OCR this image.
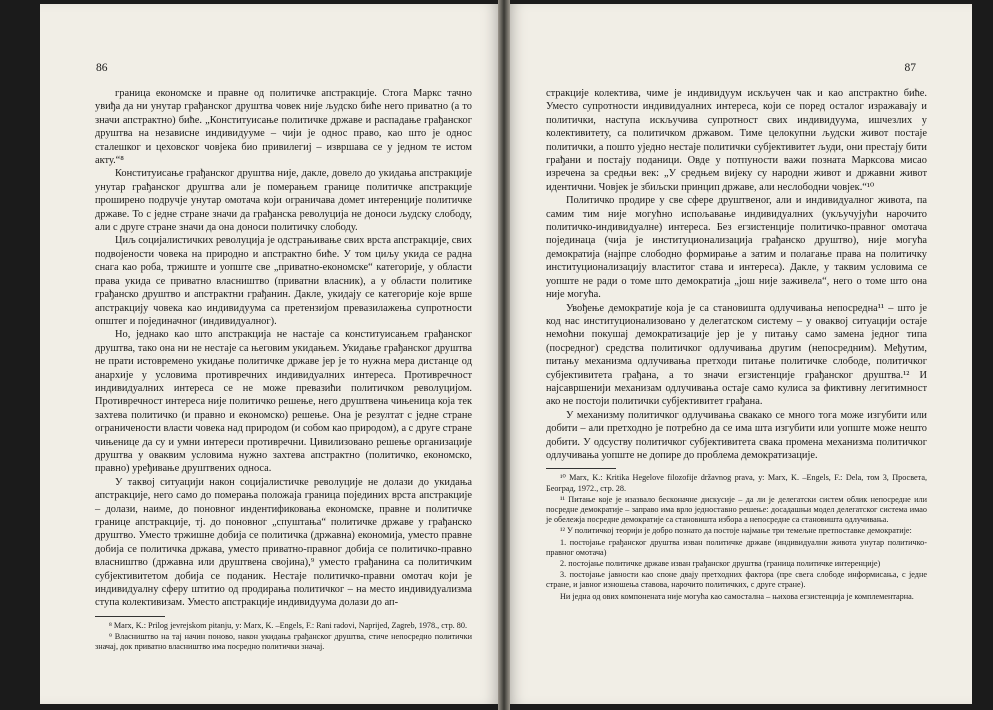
86

граница економске и правне од политичке апстракције. Стога Маркс тачно увиђа да ни унутар грађанског друштва човек није људско биће него привaтно (а то значи апстрактно) биће. „Конституисање политичке државе и распадање грађанског друштва на независне индивидууме – чији је однос право, као што је однос сталешког и цеховског човјека био привилегиј – извршава се у једном те истом акту.“⁸

Конституисање грађанског друштва није, дакле, довело до укидања апстракције унутар грађанског друштва али је померањем границе политичке апстракције проширено подручје унутар омотача који ограничава домет интеренције политичке државе. То с једне стране значи да грађанска револуција не доноси људску слободу, али с друге стране значи да она доноси политичку слободу.

Циљ социјалистичких револуција је одстрањивање свих врста апстракције, свих подвојености човека на природно и апстрактно биће. У том циљу укида се радна снага као роба, тржиште и уопште све „приватно-економске“ категорије, у области права укида се приватно власништво (приватни власник), а у области политике грађанско друштво и апстрактни грађанин. Дакле, укидају се категорије које врше апстракцију човека као индивидуума са претензијом превазилажења супротности општег и појединачног (индивидуалног).

Но, једнако као што апстракција не настаје са конституисањем грађанског друштва, тако она ни не нестаје са његовим укидањем. Укидање грађанског друштва не прати истовремено укидање политичке државе јер је то нужна мера дистанце од анархије у условима противречних индивидуалних интереса. Противречност индивидуалних интереса се не може превазићи политичком револуцијом. Противречност интереса није политичко решење, него друштвена чињеница која тек захтева политичко (и правно и економско) решење. Она је резултат с једне стране ограничености власти човека над природом (и собом као природом), а с друге стране чињенице да су и умни интереси противречни. Цивилизовано решење организације друштва у оваквим условима нужно захтева апстрактно (политичко, економско, правно) уређивање друштвених односа.

У таквој ситуацији након социјалистичке револуције не долази до укидања апстракције, него само до померања положаја граница појединих врста апстракције – долази, наиме, до поновног индентификовања економске, правне и политичке границе апстракције, тј. до поновног „спуштања“ политичке државе у грађанско друштво. Уместо тржишне добија се политичка (државна) економија, уместо правне добија се политичка држава, уместо приватно-правног добија се политичко-правно власништво (државна или друштвена својина),⁹ уместо грађанина са политичким субјективитетом добија се поданик. Нестаје политичко-правни омотач који је индивидуалну сферу штитио од продирања политичког – на место индивидуализма ступа колективизам. Уместо апстракције индивидуума долази до ап-

⁸ Marx, K.: Prilog jevrejskom pitanju, у: Marx, K. –Engels, F.: Rani radovi, Naprijed, Zagreb, 1978., стр. 80.

⁹ Власништво на тај начин поново, након укидања грађанског друштва, стиче непосредно политички значај, док приватно власништво има посредно политички значај.

87

стракције колектива, чиме је индивидуум искључен чак и као апстрактно биће. Уместо супротности индивидуалних интереса, који се поред осталог изражавају и политички, наступа искључива супротност свих индивидуума, ишчезлих у колективитету, са политичком државом. Тиме целокупни људски живот постаје политички, а пошто уједно нестаје политички субјективитет људи, они престају бити грађани и постају поданици. Овде у потпуности важи позната Марксова мисао изречена за средњи век: „У средњем вијеку су народни живот и државни живот идентични. Човјек је збиљски принцип државе, али несл​ободни човјек.“¹⁰

Политичко продире у све сфере друштвеног, али и индивидуалног живота, па самим тим није могућно испољавање индивидуалних (укључујући нарочито политичко-индивидуалне) интереса. Без егзистенције политичко-правног омотача појединаца (чија је институционализација грађанско друштво), није могућа демократија (најпре слободно формирање а затим и полагање права на политичку институционализацију властитог става и интереса). Дакле, у таквим условима се уопште не ради о томе што демократија „још није заживела“, него о томе што она није могућа.

Увођење демократије која је са становишта одлучивања непосредна¹¹ – што је код нас институционализовано у делегатском систему – у оваквој ситуацији остаје немоћни покушај демократизације јер је у питању само замена једног типа (посредног) средства политичког одлучивања другим (непосредним). Међутим, питању механизма одлучивања претходи питање политичке слободе, политичког субјективитета грађана, а то значи егзистенције грађанског друштва.¹² И најсавршенији механизам одлучивања остаје само кулиса за фиктивну легитимност ако не постоји политички субјективитет грађана.

У механизму политичког одлучивања свакако се много тога може изгубити или добити – али претходно је потребно да се има шта изгубити или уопште може нешто добити. У одсуству политичког субјективитета свака промена механизма политичког одлучивања уопште не допире до проблема демократизације.

¹⁰ Marx, K.: Kritika Hegelove filozofije državnog prava, у: Marx, K. –Engels, F.: Dela, том 3, Просвета, Београд, 1972., стр. 28.

¹¹ Питање које је изазвало бесконачне дискусије – да ли је делегатски систем облик непосредне или посредне демократије – заправо има врло једноставно решење: досадашњи модел делегатског система имао је обележја посредне демократије са становишта избора а непосредне са становишта одлучивања.

¹² У политичкој теорији је добро познато да постоје најмање три темељне претпоставке демократије:

1. постојање грађанског друштва изван политичке државе (индивидуални живота унутар политичко-правног омотача)

2. постојање политичке државе изван грађанског друштва (граница политичке интеренције)

3. постојање јавности као споне двају претходних фактора (пре свега слободе информисања, с једне стране, и јавног изношења ставова, нарочито политичких, с друге стране).

Ни једна од ових компонената није могућа као самостална – њихова егзистенција је комплементарна.
